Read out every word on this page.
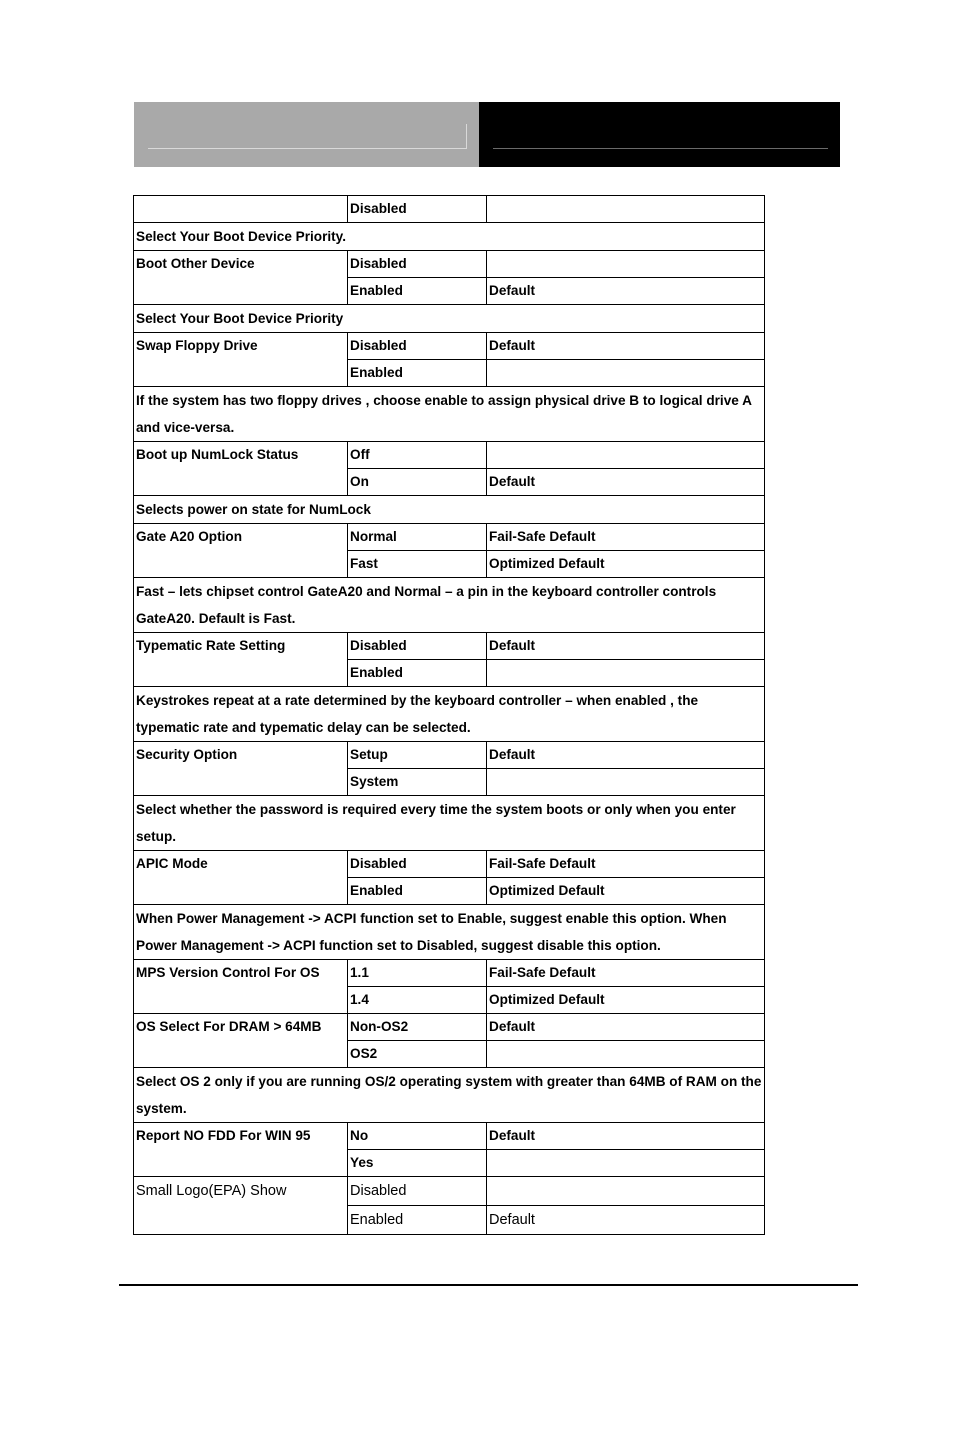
	Disabled	
Select Your Boot Device Priority.		
Boot Other Device	Disabled	
	Enabled	Default
Select Your Boot Device Priority		
Swap Floppy Drive	Disabled	Default
	Enabled	
If the system has two floppy drives , choose enable to assign physical drive B to logical drive A and vice-versa.		
Boot up NumLock Status	Off	
	On	Default
Selects power on state for NumLock		
Gate A20 Option	Normal	Fail-Safe Default
	Fast	Optimized Default
Fast – lets chipset control GateA20 and Normal – a pin in the keyboard controller controls GateA20. Default is Fast.		
Typematic Rate Setting	Disabled	Default
	Enabled	
Keystrokes repeat at a rate determined by the keyboard controller – when enabled , the typematic rate and typematic delay can be selected.		
Security Option	Setup	Default
	System	
Select whether the password is required every time the system boots or only when you enter setup.		
APIC Mode	Disabled	Fail-Safe Default
	Enabled	Optimized Default
When Power Management -> ACPI function set to Enable, suggest enable this option. When Power Management -> ACPI function set to Disabled, suggest disable this option.		
MPS Version Control For OS	1.1	Fail-Safe Default
	1.4	Optimized Default
OS Select For DRAM > 64MB	Non-OS2	Default
	OS2	
Select OS 2 only if you are running OS/2 operating system with greater than 64MB of RAM on the system.		
Report NO FDD For WIN 95	No	Default
	Yes	
Small Logo(EPA) Show	Disabled	
	Enabled	Default
